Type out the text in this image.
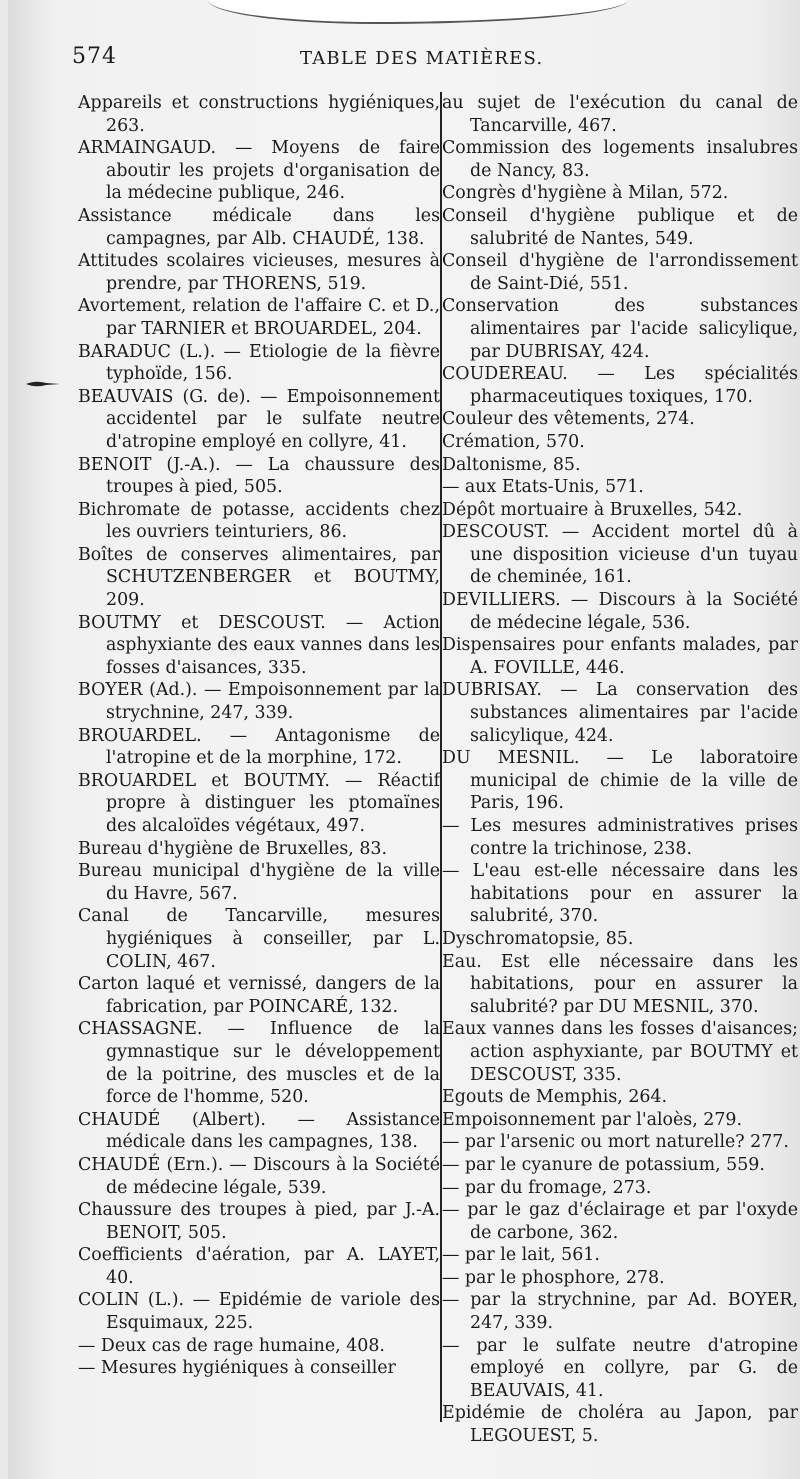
574	TABLE DES MATIÈRES.

Appareils et constructions hygiéniques, 263.

ARMAINGAUD. — Moyens de faire aboutir les projets d'organisation de la médecine publique, 246.

Assistance médicale dans les campagnes, par Alb. CHAUDÉ, 138.

Attitudes scolaires vicieuses, mesures à prendre, par THORENS, 519.

Avortement, relation de l'affaire C. et D., par TARNIER et BROUARDEL, 204.

BARADUC (L.). — Etiologie de la fièvre typhoïde, 156.

BEAUVAIS (G. de). — Empoisonnement accidentel par le sulfate neutre d'atropine employé en collyre, 41.

BENOIT (J.-A.). — La chaussure des troupes à pied, 505.

Bichromate de potasse, accidents chez les ouvriers teinturiers, 86.

Boîtes de conserves alimentaires, par SCHUTZENBERGER et BOUTMY, 209.

BOUTMY et DESCOUST. — Action asphyxiante des eaux vannes dans les fosses d'aisances, 335.

BOYER (Ad.). — Empoisonnement par la strychnine, 247, 339.

BROUARDEL. — Antagonisme de l'atropine et de la morphine, 172.

BROUARDEL et BOUTMY. — Réactif propre à distinguer les ptomaïnes des alcaloïdes végétaux, 497.

Bureau d'hygiène de Bruxelles, 83.

Bureau municipal d'hygiène de la ville du Havre, 567.

Canal de Tancarville, mesures hygiéniques à conseiller, par L. COLIN, 467.

Carton laqué et vernissé, dangers de la fabrication, par POINCARÉ, 132.

CHASSAGNE. — Influence de la gymnastique sur le développement de la poitrine, des muscles et de la force de l'homme, 520.

CHAUDÉ (Albert). — Assistance médicale dans les campagnes, 138.

CHAUDÉ (Ern.). — Discours à la Société de médecine légale, 539.

Chaussure des troupes à pied, par J.-A. BENOIT, 505.

Coefficients d'aération, par A. LAYET, 40.

COLIN (L.). — Epidémie de variole des Esquimaux, 225.

— Deux cas de rage humaine, 408.

— Mesures hygiéniques à conseiller

au sujet de l'exécution du canal de Tancarville, 467.

Commission des logements insalubres de Nancy, 83.

Congrès d'hygiène à Milan, 572.

Conseil d'hygiène publique et de salubrité de Nantes, 549.

Conseil d'hygiène de l'arrondissement de Saint-Dié, 551.

Conservation des substances alimentaires par l'acide salicylique, par DUBRISAY, 424.

COUDEREAU. — Les spécialités pharmaceutiques toxiques, 170.

Couleur des vêtements, 274.

Crémation, 570.

Daltonisme, 85.

— aux Etats-Unis, 571.

Dépôt mortuaire à Bruxelles, 542.

DESCOUST. — Accident mortel dû à une disposition vicieuse d'un tuyau de cheminée, 161.

DEVILLIERS. — Discours à la Société de médecine légale, 536.

Dispensaires pour enfants malades, par A. FOVILLE, 446.

DUBRISAY. — La conservation des substances alimentaires par l'acide salicylique, 424.

DU MESNIL. — Le laboratoire municipal de chimie de la ville de Paris, 196.

— Les mesures administratives prises contre la trichinose, 238.

— L'eau est-elle nécessaire dans les habitations pour en assurer la salubrité, 370.

Dyschromatopsie, 85.

Eau. Est elle nécessaire dans les habitations, pour en assurer la salubrité? par DU MESNIL, 370.

Eaux vannes dans les fosses d'aisances; action asphyxiante, par BOUTMY et DESCOUST, 335.

Egouts de Memphis, 264.

Empoisonnement par l'aloès, 279.

— par l'arsenic ou mort naturelle? 277.

— par le cyanure de potassium, 559.

— par du fromage, 273.

— par le gaz d'éclairage et par l'oxyde de carbone, 362.

— par le lait, 561.

— par le phosphore, 278.

— par la strychnine, par Ad. BOYER, 247, 339.

— par le sulfate neutre d'atropine employé en collyre, par G. de BEAUVAIS, 41.

Epidémie de choléra au Japon, par LEGOUEST, 5.
